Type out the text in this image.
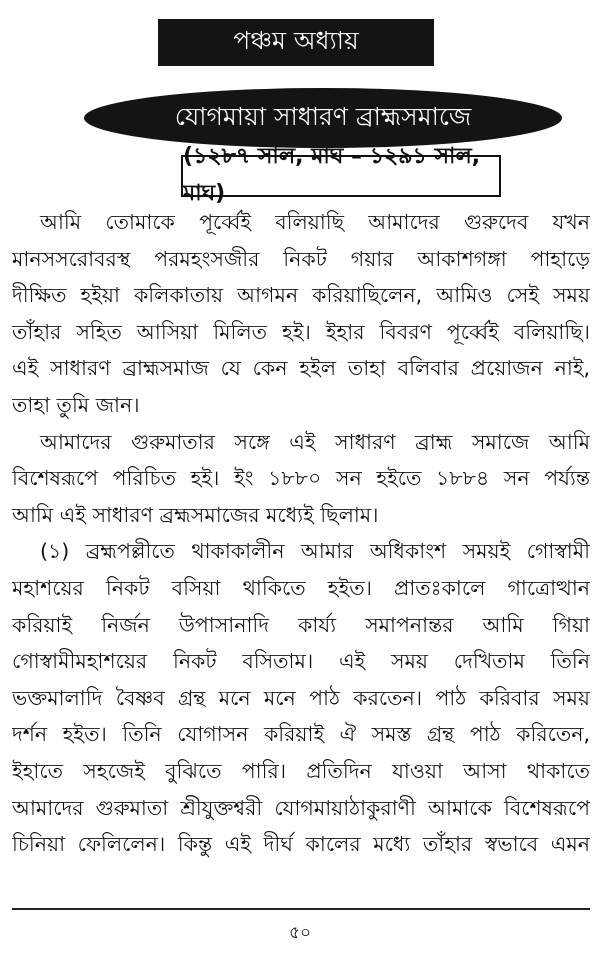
পঞ্চম অধ্যায়
যোগমায়া সাধারণ ব্রাহ্মসমাজে
(১২৮৭ সাল, মাঘ – ১২৯১ সাল, মাঘ)
আমি তোমাকে পূর্ব্বেই বলিয়াছি আমাদের গুরুদেব যখন
মানসসরোবরস্থ পরমহংসজীর নিকট গয়ার আকাশগঙ্গা পাহাড়ে
দীক্ষিত হইয়া কলিকাতায় আগমন করিয়াছিলেন, আমিও সেই সময়
তাঁহার সহিত আসিয়া মিলিত হই। ইহার বিবরণ পূর্ব্বেই বলিয়াছি।
এই সাধারণ ব্রাহ্মসমাজ যে কেন হইল তাহা বলিবার প্রয়োজন নাই,
তাহা তুমি জান।
আমাদের গুরুমাতার সঙ্গে এই সাধারণ ব্রাহ্ম সমাজে আমি
বিশেষরূপে পরিচিত হই। ইং ১৮৮০ সন হইতে ১৮৮৪ সন পর্য্যন্ত
আমি এই সাধারণ ব্রহ্মসমাজের মধ্যেই ছিলাম।
(১) ব্রহ্মপল্লীতে থাকাকালীন আমার অধিকাংশ সময়ই গোস্বামী
মহাশয়ের নিকট বসিয়া থাকিতে হইত। প্রাতঃকালে গাত্রোত্থান
করিয়াই নির্জন উপাসানাদি কার্য্য সমাপনান্তর আমি গিয়া
গোস্বামীমহাশয়ের নিকট বসিতাম। এই সময় দেখিতাম তিনি
ভক্তমালাদি বৈষ্ণব গ্রন্থ মনে মনে পাঠ করতেন। পাঠ করিবার সময়
দর্শন হইত। তিনি যোগাসন করিয়াই ঐ সমস্ত গ্রন্থ পাঠ করিতেন,
ইহাতে সহজেই বুঝিতে পারি। প্রতিদিন যাওয়া আসা থাকাতে
আমাদের গুরুমাতা শ্রীযুক্তশ্বরী যোগমায়াঠাকুরাণী আমাকে বিশেষরূপে
চিনিয়া ফেলিলেন। কিন্তু এই দীর্ঘ কালের মধ্যে তাঁহার স্বভাবে এমন
৫০
